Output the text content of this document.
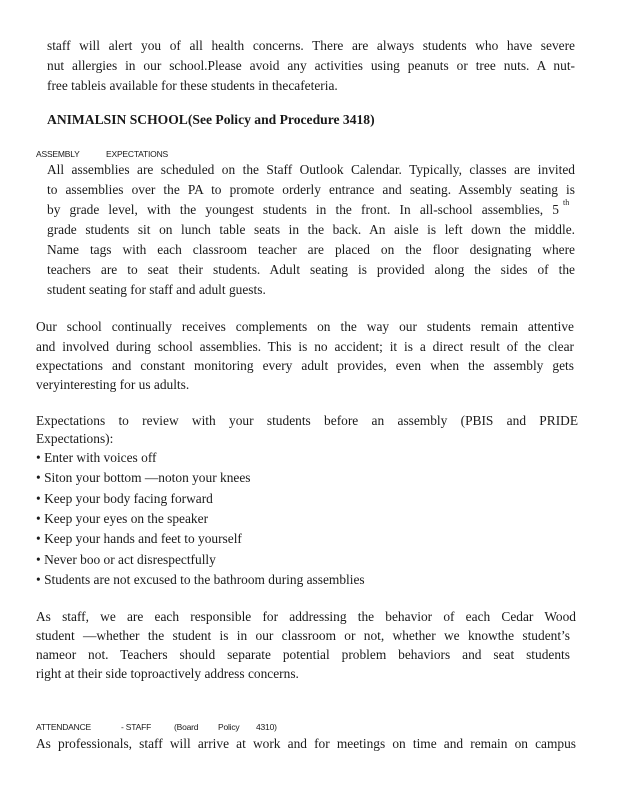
staff will alert you of all health concerns. There are always students who have severe
nut allergies in our school.Please avoid any activities using peanuts or tree nuts. A nut-
free tableis available for these students in thecafeteria.
ANIMALSIN SCHOOL(See Policy and Procedure 3418)
ASSEMBLY	EXPECTATIONS
All assemblies are scheduled on the Staff Outlook Calendar. Typically, classes are invited
to assemblies over the PA to promote orderly entrance and seating. Assembly seating is
by grade level, with the youngest students in the front. In all-school assemblies, 5 th
grade students sit on lunch table seats in the back. An aisle is left down the middle.
Name tags with each classroom teacher are placed on the floor designating where
teachers are to seat their students. Adult seating is provided along the sides of the
student seating for staff and adult guests.
Our school continually receives complements on the way our students remain attentive
and involved during school assemblies. This is no accident; it is a direct result of the clear
expectations and constant monitoring every adult provides, even when the assembly gets
veryinteresting for us adults.
Expectations to review with your students before an assembly (PBIS and PRIDE
Expectations):
• Enter with voices off
• Siton your bottom —noton your knees
• Keep your body facing forward
• Keep your eyes on the speaker
• Keep your hands and feet to yourself
• Never boo or act disrespectfully
• Students are not excused to the bathroom during assemblies
As staff, we are each responsible for addressing the behavior of each Cedar Wood
student —whether the student is in our classroom or not, whether we knowthe student’s
nameor not. Teachers should separate potential problem behaviors and seat students
right at their side toproactively address concerns.
ATTENDANCE	- STAFF	(Board Policy 4310)
As professionals, staff will arrive at work and for meetings on time and remain on campus
